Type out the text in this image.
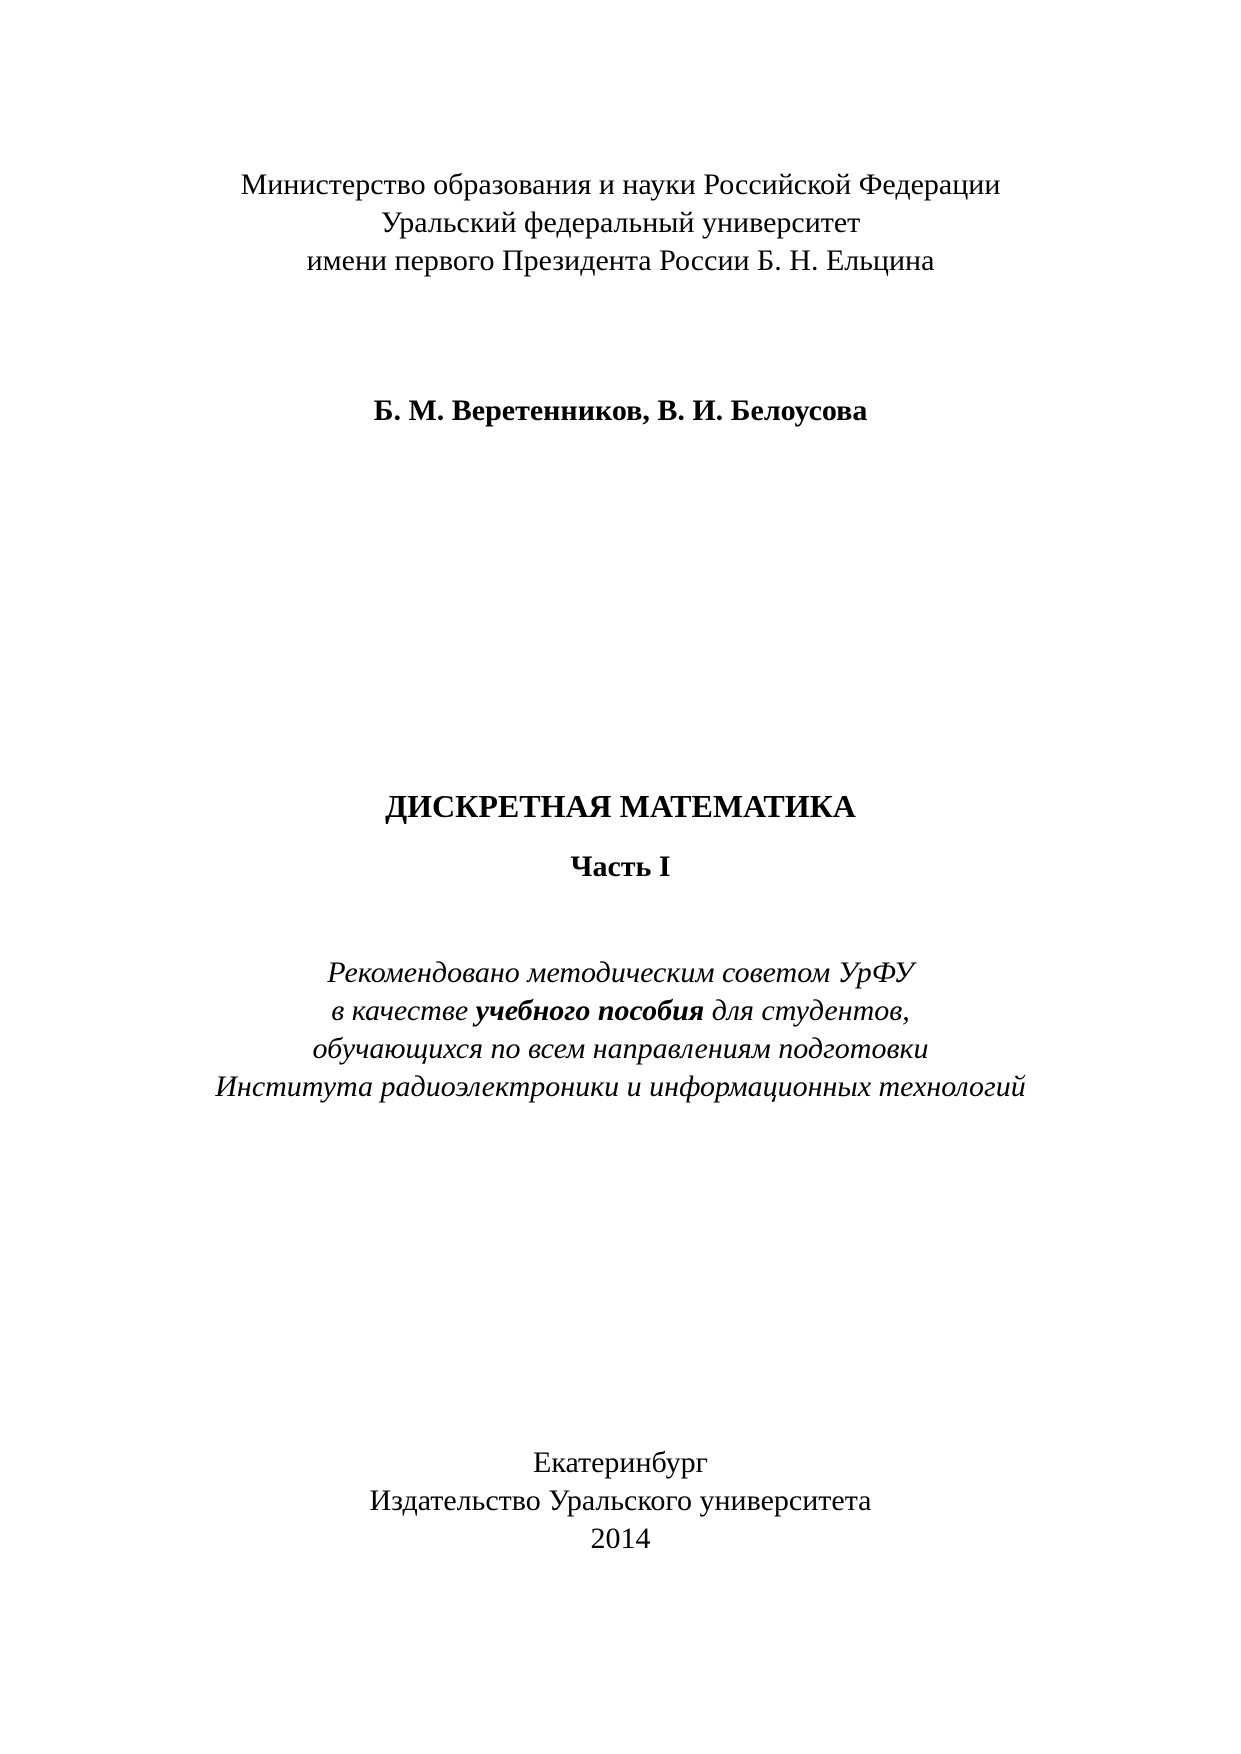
Министерство образования и науки Российской Федерации
Уральский федеральный университет
имени первого Президента России Б. Н. Ельцина
Б. М. Веретенников, В. И. Белоусова
ДИСКРЕТНАЯ МАТЕМАТИКА
Часть I
Рекомендовано методическим советом УрФУ
в качестве учебного пособия для студентов,
обучающихся по всем направлениям подготовки
Института радиоэлектроники и информационных технологий
Екатеринбург
Издательство Уральского университета
2014
